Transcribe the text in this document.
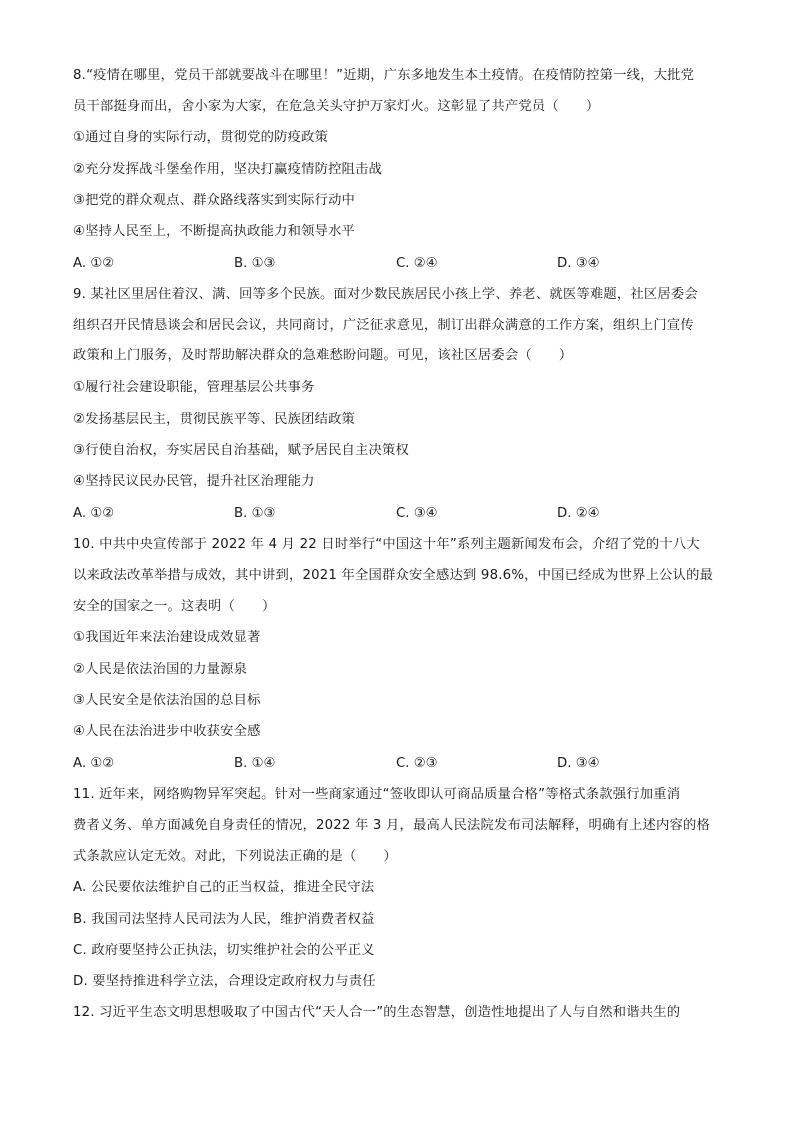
8.“疫情在哪里，党员干部就要战斗在哪里！”近期，广东多地发生本土疫情。在疫情防控第一线，大批党
员干部挺身而出，舍小家为大家，在危急关头守护万家灯火。这彰显了共产党员（　　）
①通过自身的实际行动，贯彻党的防疫政策
②充分发挥战斗堡垒作用，坚决打赢疫情防控阻击战
③把党的群众观点、群众路线落实到实际行动中
④坚持人民至上，不断提高执政能力和领导水平
A. ①②	B. ①③	C. ②④	D. ③④
9. 某社区里居住着汉、满、回等多个民族。面对少数民族居民小孩上学、养老、就医等难题，社区居委会
组织召开民情恳谈会和居民会议，共同商讨，广泛征求意见，制订出群众满意的工作方案，组织上门宣传
政策和上门服务，及时帮助解决群众的急难愁盼问题。可见，该社区居委会（　　）
①履行社会建设职能，管理基层公共事务
②发扬基层民主，贯彻民族平等、民族团结政策
③行使自治权，夯实居民自治基础，赋予居民自主决策权
④坚持民议民办民管，提升社区治理能力
A. ①②	B. ①③	C. ③④	D. ②④
10. 中共中央宣传部于 2022 年 4 月 22 日时举行“中国这十年”系列主题新闻发布会，介绍了党的十八大
以来政法改革举措与成效，其中讲到，2021 年全国群众安全感达到 98.6%，中国已经成为世界上公认的最
安全的国家之一。这表明（　　）
①我国近年来法治建设成效显著
②人民是依法治国的力量源泉
③人民安全是依法治国的总目标
④人民在法治进步中收获安全感
A. ①②	B. ①④	C. ②③	D. ③④
11. 近年来，网络购物异军突起。针对一些商家通过“签收即认可商品质量合格”等格式条款强行加重消
费者义务、单方面减免自身责任的情况，2022 年 3 月，最高人民法院发布司法解释，明确有上述内容的格
式条款应认定无效。对此，下列说法正确的是（　　）
A. 公民要依法维护自己的正当权益，推进全民守法
B. 我国司法坚持人民司法为人民，维护消费者权益
C. 政府要坚持公正执法，切实维护社会的公平正义
D. 要坚持推进科学立法，合理设定政府权力与责任
12. 习近平生态文明思想吸取了中国古代“天人合一”的生态智慧，创造性地提出了人与自然和谐共生的
